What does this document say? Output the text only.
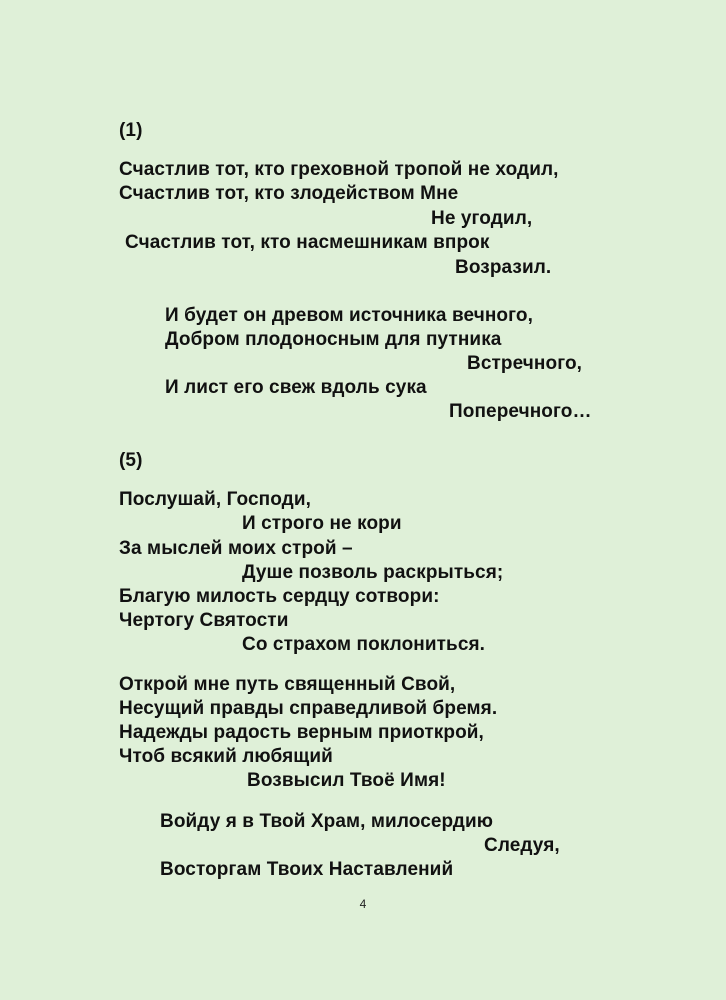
(1)
Счастлив тот, кто греховной тропой не ходил,
Счастлив тот, кто злодейством Мне
Не угодил,
Счастлив тот, кто насмешникам впрок
Возразил.
И будет он древом источника вечного,
Добром плодоносным для путника
Встречного,
И лист его свеж вдоль сука
Поперечного…
(5)
Послушай, Господи,
И строго не кори
За мыслей моих строй –
Душе позволь раскрыться;
Благую милость сердцу сотвори:
Чертогу Святости
Со страхом поклониться.
Открой мне путь священный Свой,
Несущий правды справедливой бремя.
Надежды радость верным приоткрой,
Чтоб всякий любящий
Возвысил Твоё Имя!
Войду я в Твой Храм, милосердию
Следуя,
Восторгам Твоих Наставлений
4
